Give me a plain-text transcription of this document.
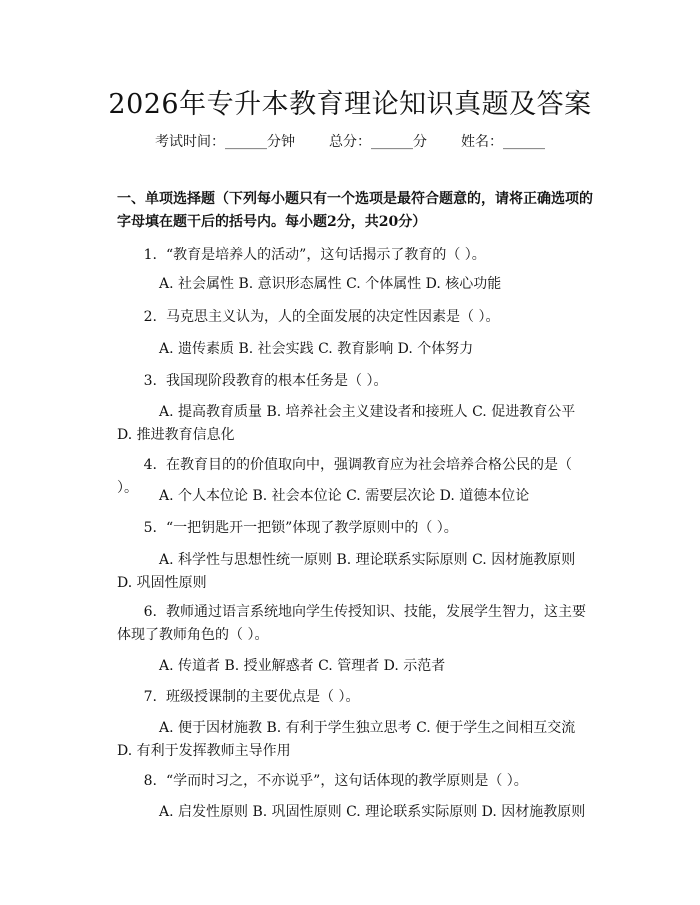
2026年专升本教育理论知识真题及答案
考试时间：______分钟 总分：______分 姓名：______

一、单项选择题（下列每小题只有一个选项是最符合题意的，请将正确选项的字母填在题干后的括号内。每小题2分，共20分）

1. “教育是培养人的活动”，这句话揭示了教育的（ ）。

A. 社会属性 B. 意识形态属性 C. 个体属性 D. 核心功能

2. 马克思主义认为，人的全面发展的决定性因素是（ ）。

A. 遗传素质 B. 社会实践 C. 教育影响 D. 个体努力

3. 我国现阶段教育的根本任务是（ ）。

A. 提高教育质量 B. 培养社会主义建设者和接班人 C. 促进教育公平 D. 推进教育信息化

4. 在教育目的的价值取向中，强调教育应为社会培养合格公民的是（ ）。	A. 个人本位论 B. 社会本位论 C. 需要层次论 D. 道德本位论

5. “一把钥匙开一把锁”体现了教学原则中的（ ）。

A. 科学性与思想性统一原则 B. 理论联系实际原则 C. 因材施教原则 D. 巩固性原则

6. 教师通过语言系统地向学生传授知识、技能，发展学生智力，这主要体现了教师角色的（ ）。

A. 传道者 B. 授业解惑者 C. 管理者 D. 示范者

7. 班级授课制的主要优点是（ ）。

A. 便于因材施教 B. 有利于学生独立思考 C. 便于学生之间相互交流 D. 有利于发挥教师主导作用

8. “学而时习之，不亦说乎”，这句话体现的教学原则是（ ）。

A. 启发性原则 B. 巩固性原则 C. 理论联系实际原则 D. 因材施教原则
